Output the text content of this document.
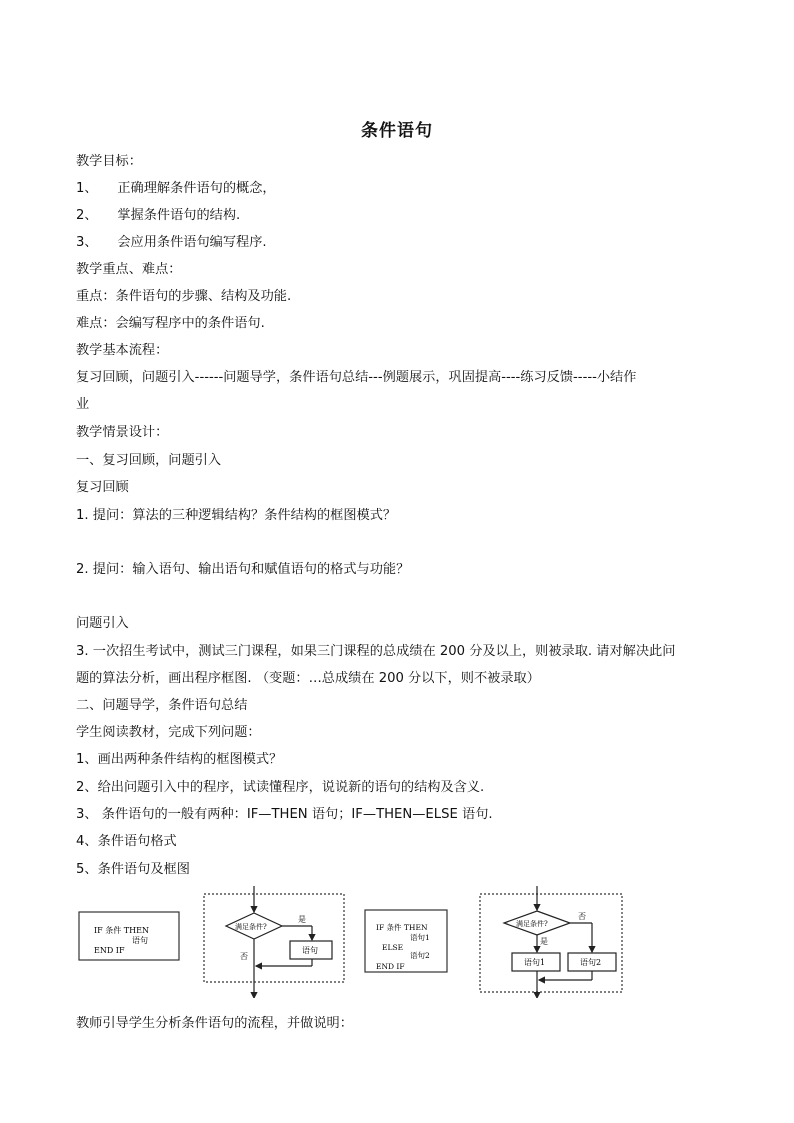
条件语句
教学目标：
1、　　正确理解条件语句的概念，
2、　　掌握条件语句的结构.
3、　　会应用条件语句编写程序.
教学重点、难点：
重点：条件语句的步骤、结构及功能.
难点：会编写程序中的条件语句.
教学基本流程：
复习回顾，问题引入------问题导学，条件语句总结---例题展示，巩固提高----练习反馈-----小结作
业
教学情景设计：
一、复习回顾，问题引入
复习回顾
1. 提问：算法的三种逻辑结构？条件结构的框图模式？
2. 提问：输入语句、输出语句和赋值语句的格式与功能？
问题引入
3. 一次招生考试中，测试三门课程，如果三门课程的总成绩在 200 分及以上，则被录取. 请对解决此问
题的算法分析，画出程序框图. （变题：…总成绩在 200 分以下，则不被录取）
二、问题导学，条件语句总结
学生阅读教材，完成下列问题：
1、画出两种条件结构的框图模式？
2、给出问题引入中的程序，试读懂程序，说说新的语句的结构及含义.
3、 条件语句的一般有两种：IF—THEN 语句；IF—THEN—ELSE 语句.
4、条件语句格式
5、条件语句及框图
IF 条件 THEN
语句
END IF
满足条件?
是
语句
否
IF 条件 THEN
语句1
ELSE
语句2
END IF
满足条件?
是
语句1
否
语句2
教师引导学生分析条件语句的流程，并做说明：
